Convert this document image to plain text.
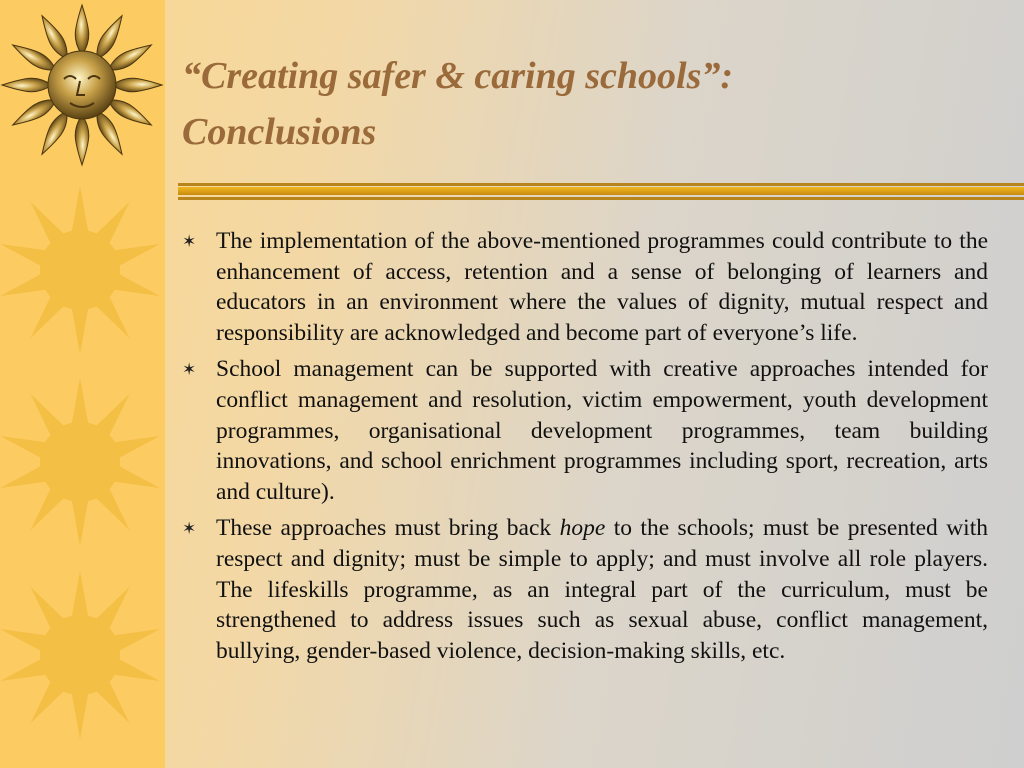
“Creating safer & caring schools”:
Conclusions
✶ The implementation of the above-mentioned programmes could contribute to the enhancement of access, retention and a sense of belonging of learners and educators in an environment where the values of dignity, mutual respect and responsibility are acknowledged and become part of everyone’s life.
✶ School management can be supported with creative approaches intended for conflict management and resolution, victim empowerment, youth development programmes, organisational development programmes, team building innovations, and school enrichment programmes including sport, recreation, arts and culture).
✶ These approaches must bring back hope to the schools; must be presented with respect and dignity; must be simple to apply; and must involve all role players. The lifeskills programme, as an integral part of the curriculum, must be strengthened to address issues such as sexual abuse, conflict management, bullying, gender-based violence, decision-making skills, etc.
